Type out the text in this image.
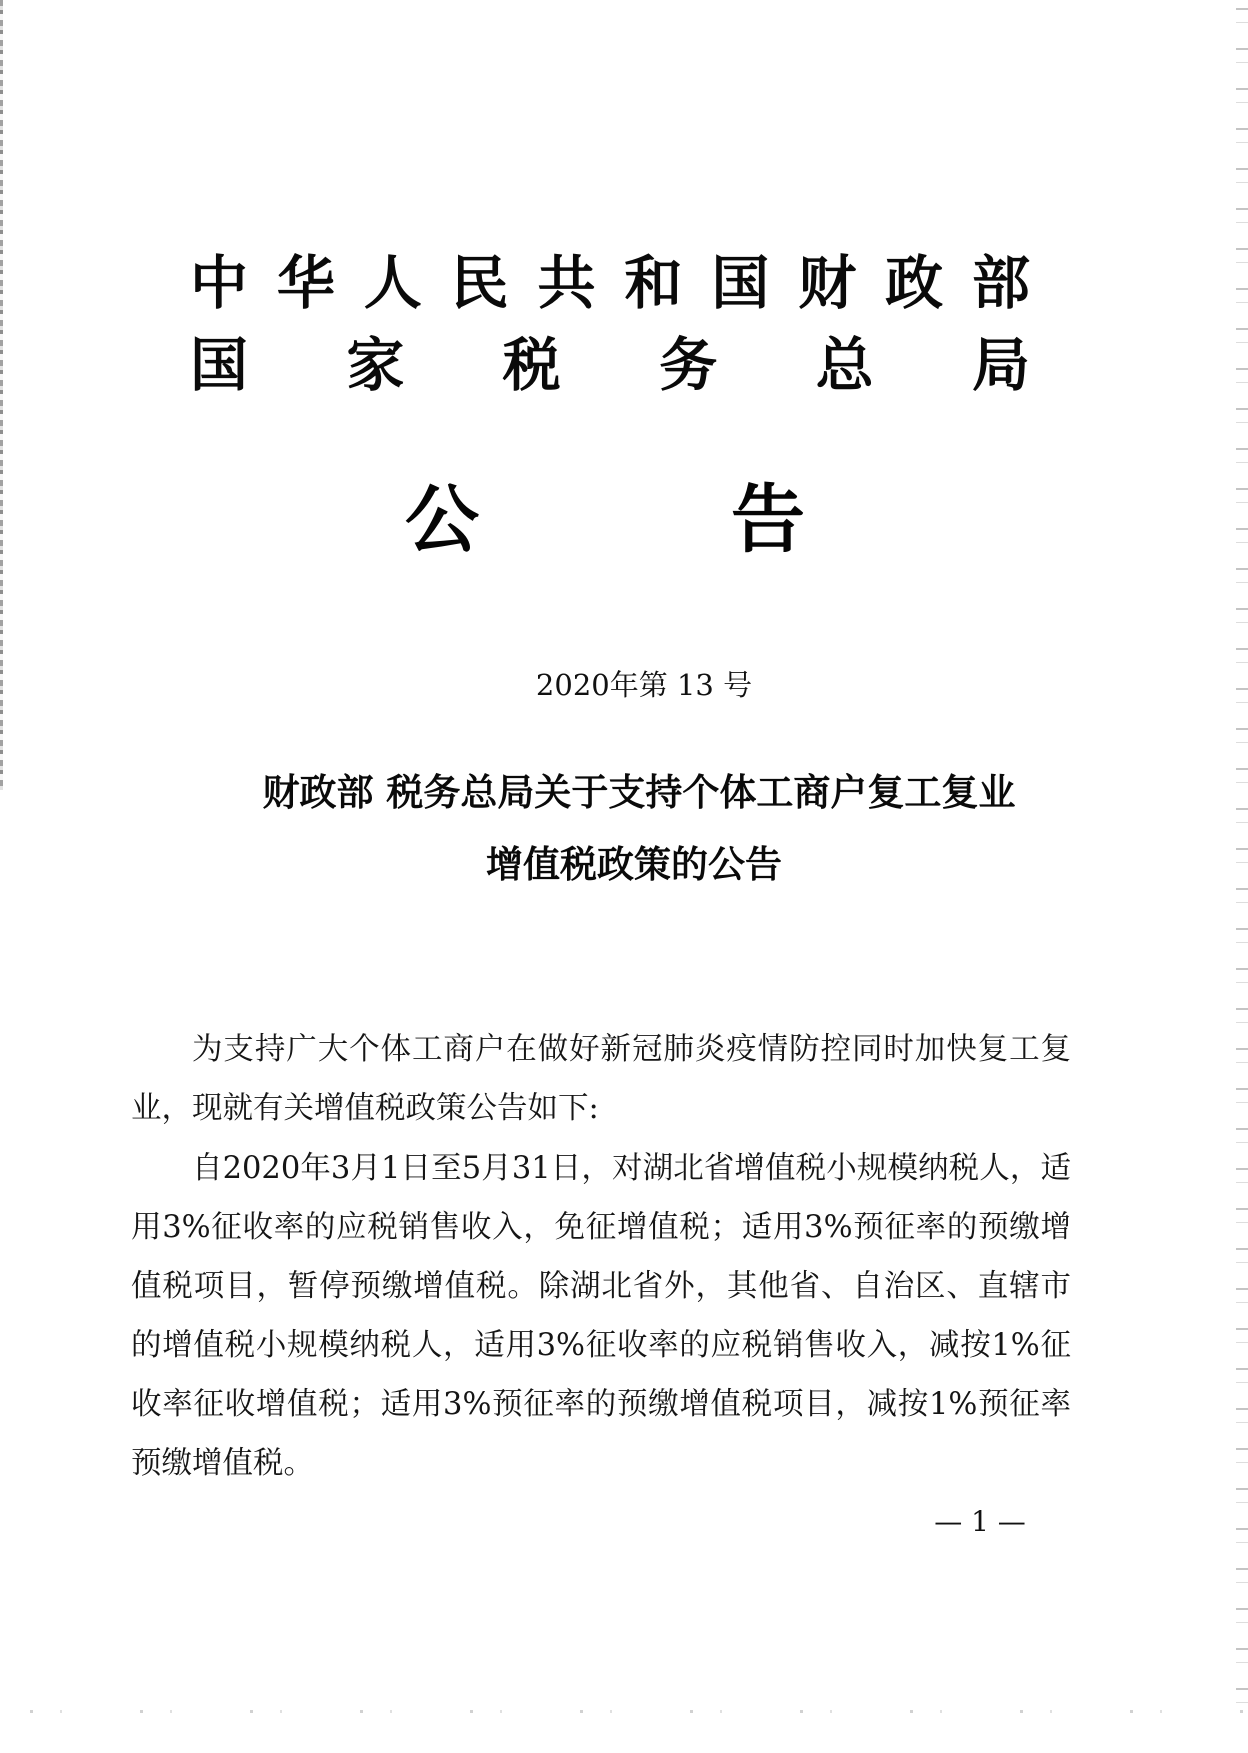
中华人民共和国财政部
国家税务总局
公告
2020年第 13 号
财政部 税务总局关于支持个体工商户复工复业
增值税政策的公告

为支持广大个体工商户在做好新冠肺炎疫情防控同时加快复工复业，现就有关增值税政策公告如下:

自2020年3月1日至5月31日，对湖北省增值税小规模纳税人，适用3%征收率的应税销售收入，免征增值税；适用3%预征率的预缴增值税项目，暂停预缴增值税。除湖北省外，其他省、自治区、直辖市的增值税小规模纳税人，适用3%征收率的应税销售收入，减按1%征收率征收增值税；适用3%预征率的预缴增值税项目，减按1%预征率预缴增值税。

— 1 —
